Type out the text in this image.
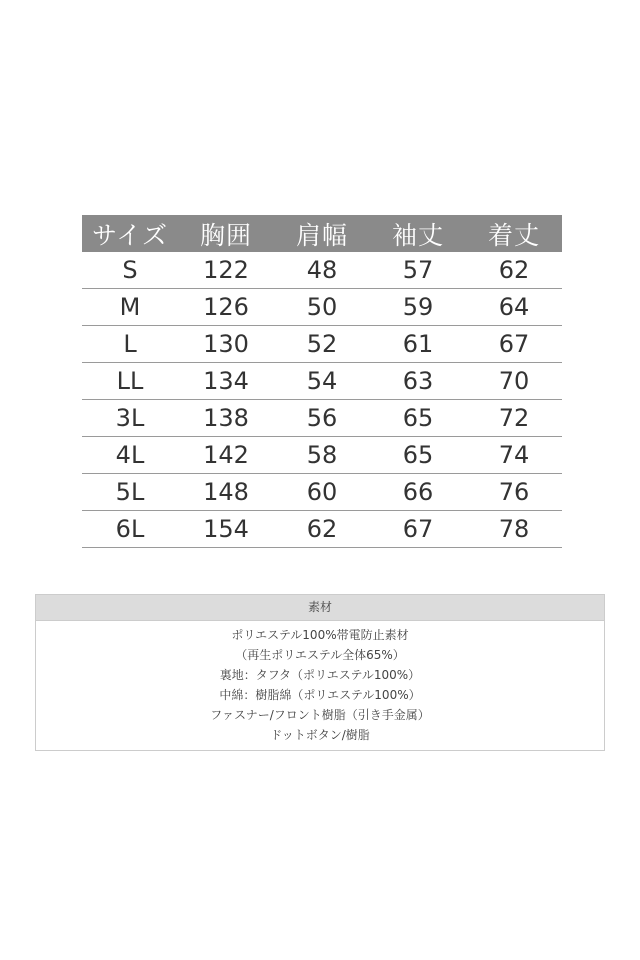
サイズ	胸囲	肩幅	袖丈	着丈
S	122	48	57	62
M	126	50	59	64
L	130	52	61	67
LL	134	54	63	70
3L	138	56	65	72
4L	142	58	65	74
5L	148	60	66	76
6L	154	62	67	78
素材
ポリエステル100%帯電防止素材
（再生ポリエステル全体65%）
裏地：タフタ（ポリエステル100%）
中綿：樹脂綿（ポリエステル100%）
ファスナー/フロント樹脂（引き手金属）
ドットボタン/樹脂
